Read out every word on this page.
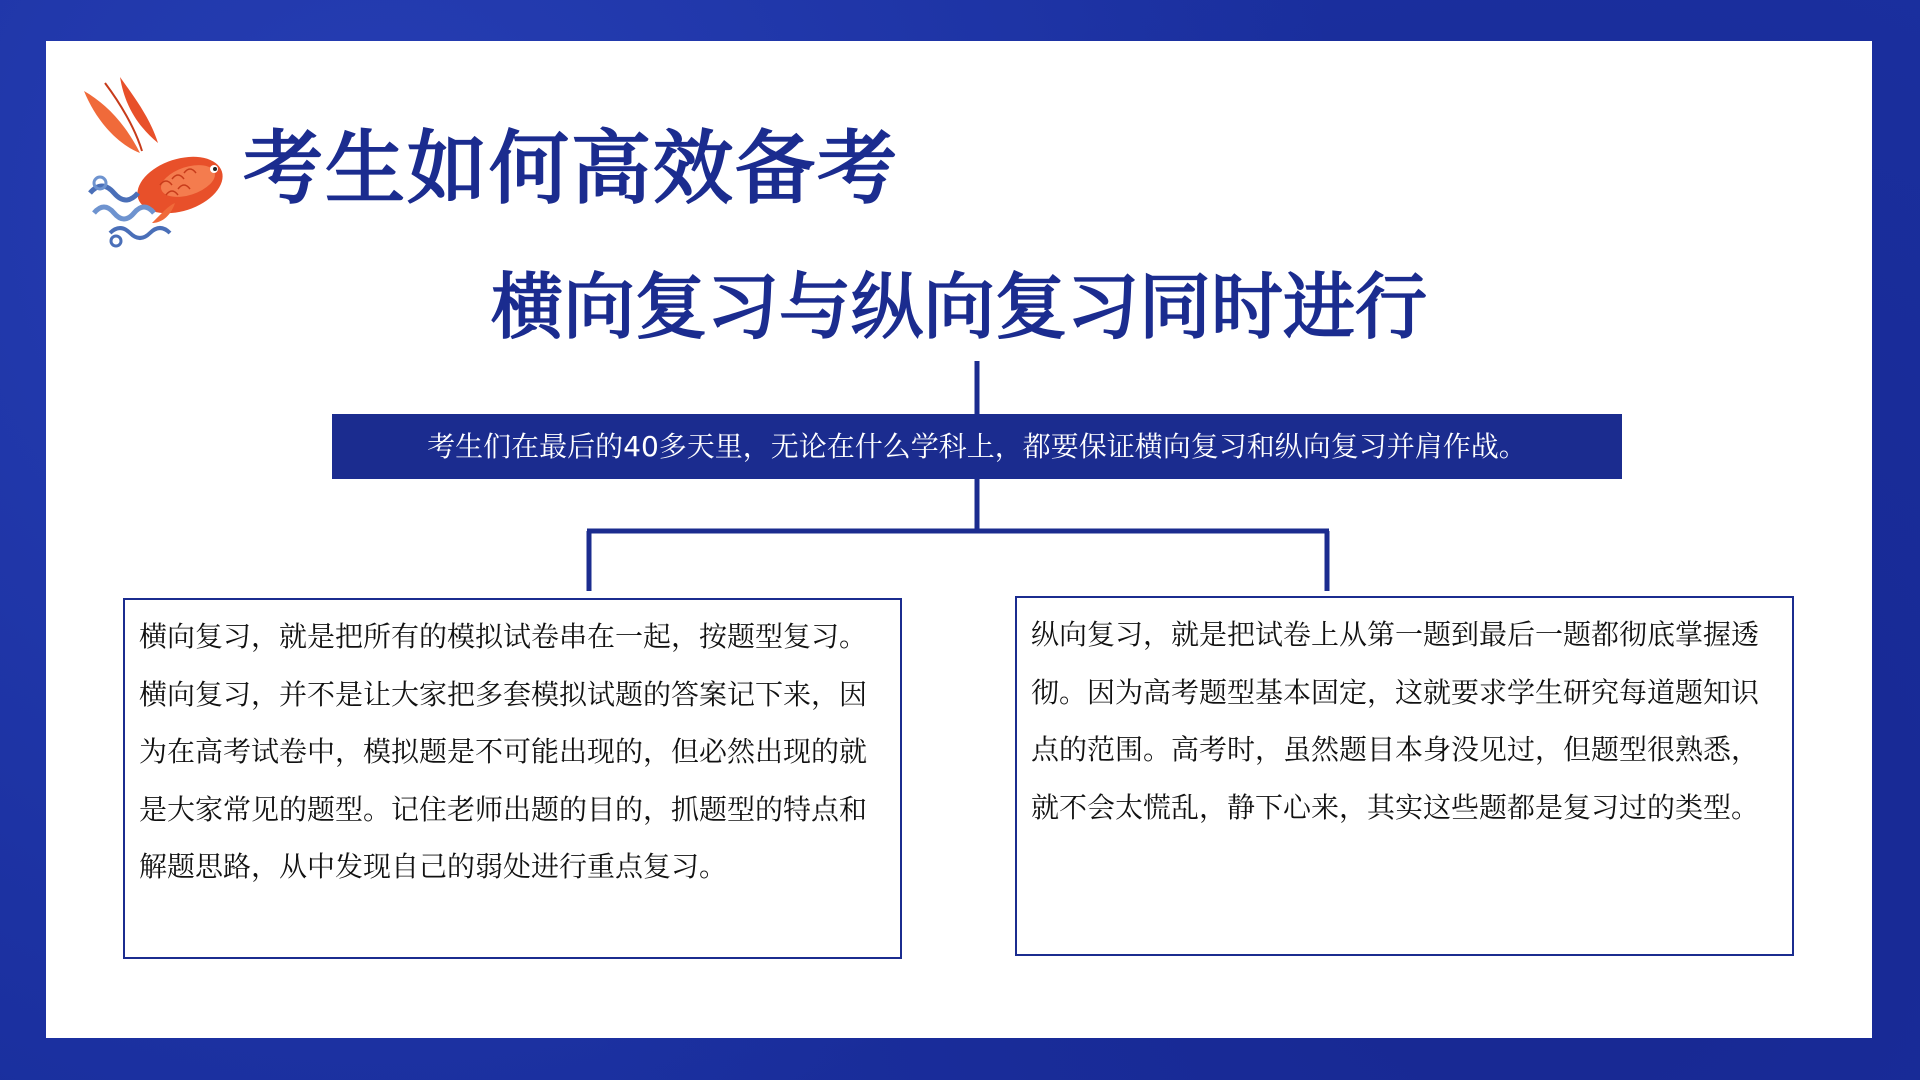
考生如何高效备考
横向复习与纵向复习同时进行
考生们在最后的40多天里，无论在什么学科上，都要保证横向复习和纵向复习并肩作战。
横向复习，就是把所有的模拟试卷串在一起，按题型复习。横向复习，并不是让大家把多套模拟试题的答案记下来，因为在高考试卷中，模拟题是不可能出现的，但必然出现的就是大家常见的题型。记住老师出题的目的，抓题型的特点和解题思路，从中发现自己的弱处进行重点复习。
纵向复习，就是把试卷上从第一题到最后一题都彻底掌握透彻。因为高考题型基本固定，这就要求学生研究每道题知识点的范围。高考时，虽然题目本身没见过，但题型很熟悉，就不会太慌乱，静下心来，其实这些题都是复习过的类型。
